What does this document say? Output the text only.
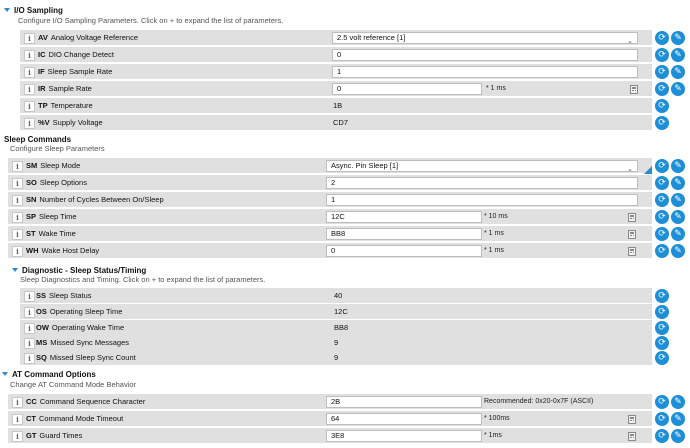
I/O Sampling
Configure I/O Sampling Parameters. Click on + to expand the list of parameters.
i AV Analog Voltage Reference	2.5 volt reference [1]	⌄	⟳ ✎
i IC DIO Change Detect	0	⟳ ✎
i IF Sleep Sample Rate	1	⟳ ✎
i IR Sample Rate	0	* 1 ms	⟳ ✎
i TP Temperature	1B	⟳
i %V Supply Voltage	CD7	⟳
Sleep Commands
Configure Sleep Parameters
i SM Sleep Mode	Async. Pin Sleep [1]	⌄	⟳ ✎
i SO Sleep Options	2	⟳ ✎
i SN Number of Cycles Between On/Sleep	1	⟳ ✎
i SP Sleep Time	12C	* 10 ms	⟳ ✎
i ST Wake Time	BB8	* 1 ms	⟳ ✎
i WH Wake Host Delay	0	* 1 ms	⟳ ✎
Diagnostic - Sleep Status/Timing
Sleep Diagnostics and Timing. Click on + to expand the list of parameters.
i SS Sleep Status	40	⟳
i OS Operating Sleep Time	12C	⟳
i OW Operating Wake Time	BB8	⟳
i MS Missed Sync Messages	9	⟳
i SQ Missed Sleep Sync Count	9	⟳
AT Command Options
Change AT Command Mode Behavior
i CC Command Sequence Character	2B	Recommended: 0x20-0x7F (ASCII)	⟳ ✎
i CT Command Mode Timeout	64	* 100ms	⟳ ✎
i GT Guard Times	3E8	* 1ms	⟳ ✎
